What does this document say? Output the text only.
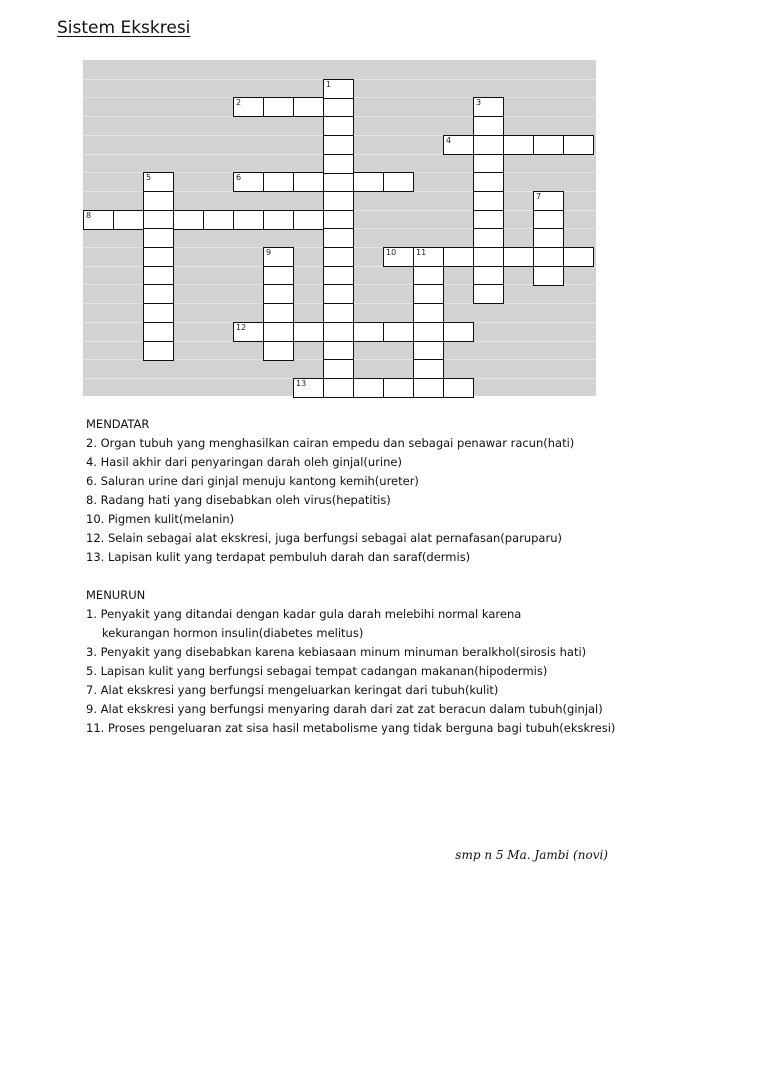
Sistem Ekskresi
2
4
6
8
10 11
12
13
1
3
5
7
9

MENDATAR

2. Organ tubuh yang menghasilkan cairan empedu dan sebagai penawar racun(hati)

4. Hasil akhir dari penyaringan darah oleh ginjal(urine)

6. Saluran urine dari ginjal menuju kantong kemih(ureter)

8. Radang hati yang disebabkan oleh virus(hepatitis)

10. Pigmen kulit(melanin)

12. Selain sebagai alat ekskresi, juga berfungsi sebagai alat pernafasan(paruparu)

13. Lapisan kulit yang terdapat pembuluh darah dan saraf(dermis)

MENURUN

1. Penyakit yang ditandai dengan kadar gula darah melebihi normal karena

kekurangan hormon insulin(diabetes melitus)

3. Penyakit yang disebabkan karena kebiasaan minum minuman beralkhol(sirosis hati)

5. Lapisan kulit yang berfungsi sebagai tempat cadangan makanan(hipodermis)

7. Alat ekskresi yang berfungsi mengeluarkan keringat dari tubuh(kulit)

9. Alat ekskresi yang berfungsi menyaring darah dari zat zat beracun dalam tubuh(ginjal)

11. Proses pengeluaran zat sisa hasil metabolisme yang tidak berguna bagi tubuh(ekskresi)

smp n 5 Ma. Jambi (novi)
